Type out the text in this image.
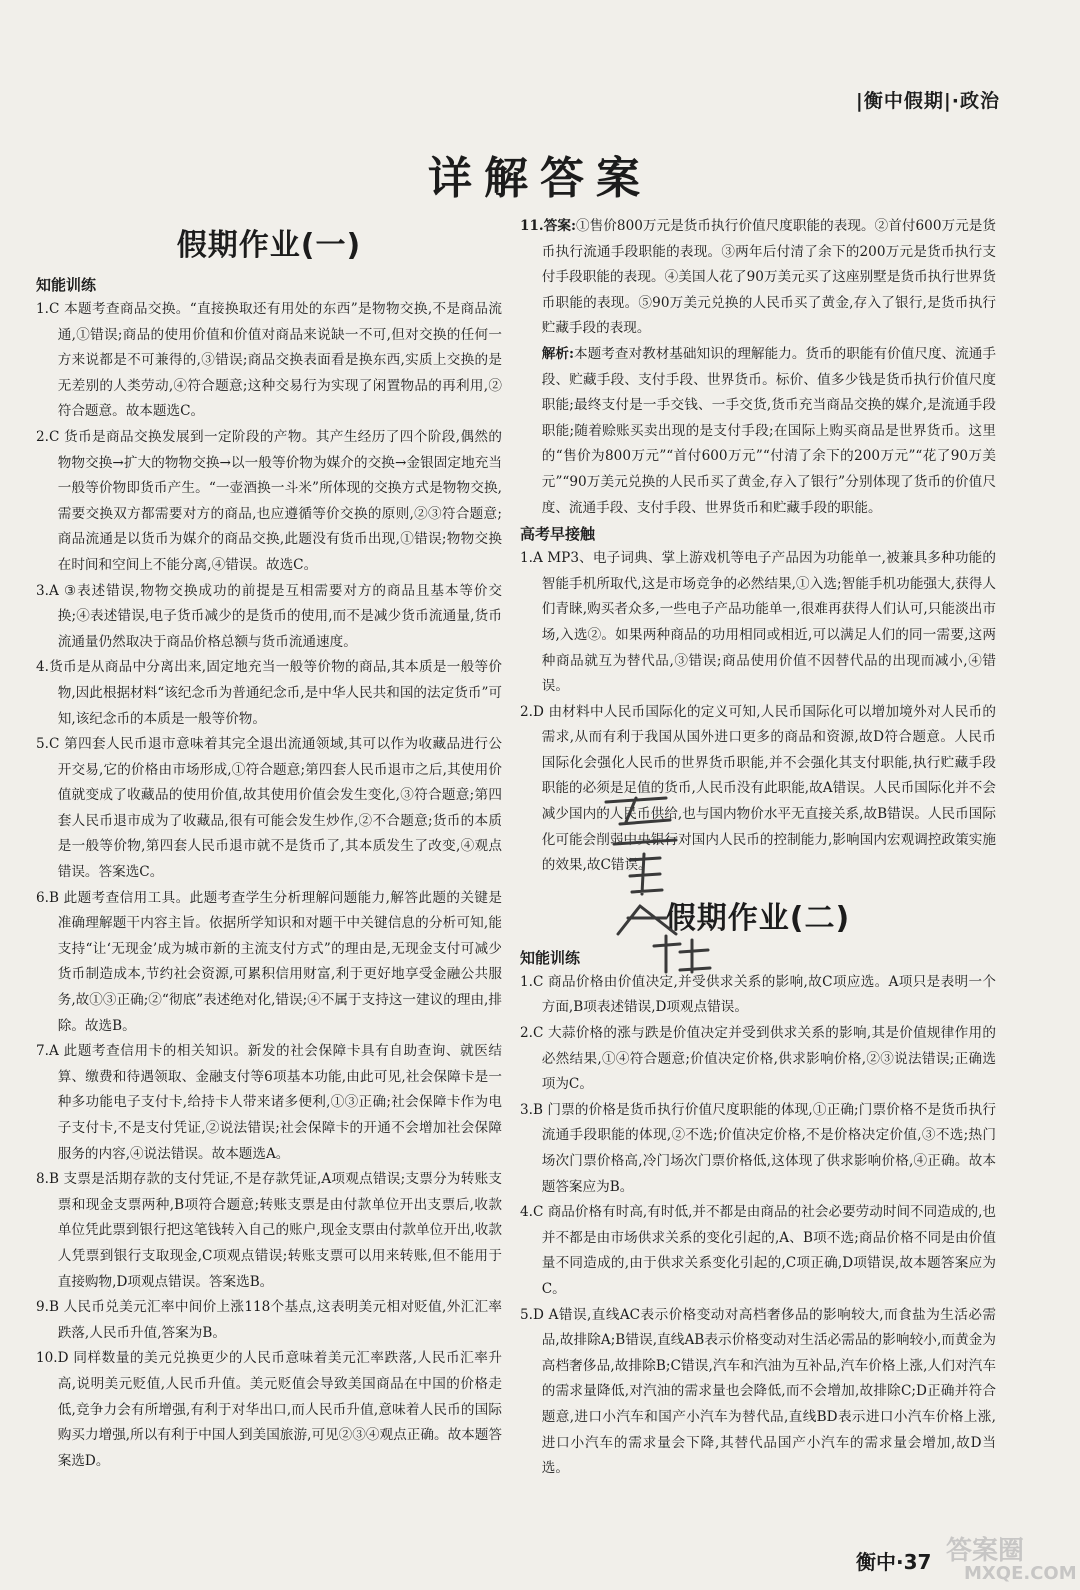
|衡中假期|·政治
详解答案
假期作业(一)
知能训练

1.C 本题考查商品交换。“直接换取还有用处的东西”是物物交换,不是商品流通,①错误;商品的使用价值和价值对商品来说缺一不可,但对交换的任何一方来说都是不可兼得的,③错误;商品交换表面看是换东西,实质上交换的是无差别的人类劳动,④符合题意;这种交易行为实现了闲置物品的再利用,②符合题意。故本题选C。

2.C 货币是商品交换发展到一定阶段的产物。其产生经历了四个阶段,偶然的物物交换→扩大的物物交换→以一般等价物为媒介的交换→金银固定地充当一般等价物即货币产生。“一壶酒换一斗米”所体现的交换方式是物物交换,需要交换双方都需要对方的商品,也应遵循等价交换的原则,②③符合题意;商品流通是以货币为媒介的商品交换,此题没有货币出现,①错误;物物交换在时间和空间上不能分离,④错误。故选C。

3.A ③表述错误,物物交换成功的前提是互相需要对方的商品且基本等价交换;④表述错误,电子货币减少的是货币的使用,而不是减少货币流通量,货币流通量仍然取决于商品价格总额与货币流通速度。

4.货币是从商品中分离出来,固定地充当一般等价物的商品,其本质是一般等价物,因此根据材料“该纪念币为普通纪念币,是中华人民共和国的法定货币”可知,该纪念币的本质是一般等价物。

5.C 第四套人民币退市意味着其完全退出流通领域,其可以作为收藏品进行公开交易,它的价格由市场形成,①符合题意;第四套人民币退市之后,其使用价值就变成了收藏品的使用价值,故其使用价值会发生变化,③符合题意;第四套人民币退市成为了收藏品,很有可能会发生炒作,②不合题意;货币的本质是一般等价物,第四套人民币退市就不是货币了,其本质发生了改变,④观点错误。答案选C。

6.B 此题考查信用工具。此题考查学生分析理解问题能力,解答此题的关键是准确理解题干内容主旨。依据所学知识和对题干中关键信息的分析可知,能支持“让‘无现金’成为城市新的主流支付方式”的理由是,无现金支付可减少货币制造成本,节约社会资源,可累积信用财富,利于更好地享受金融公共服务,故①③正确;②“彻底”表述绝对化,错误;④不属于支持这一建议的理由,排除。故选B。

7.A 此题考查信用卡的相关知识。新发的社会保障卡具有自助查询、就医结算、缴费和待遇领取、金融支付等6项基本功能,由此可见,社会保障卡是一种多功能电子支付卡,给持卡人带来诸多便利,①③正确;社会保障卡作为电子支付卡,不是支付凭证,②说法错误;社会保障卡的开通不会增加社会保障服务的内容,④说法错误。故本题选A。

8.B 支票是活期存款的支付凭证,不是存款凭证,A项观点错误;支票分为转账支票和现金支票两种,B项符合题意;转账支票是由付款单位开出支票后,收款单位凭此票到银行把这笔钱转入自己的账户,现金支票由付款单位开出,收款人凭票到银行支取现金,C项观点错误;转账支票可以用来转账,但不能用于直接购物,D项观点错误。答案选B。

9.B 人民币兑美元汇率中间价上涨118个基点,这表明美元相对贬值,外汇汇率跌落,人民币升值,答案为B。

10.D 同样数量的美元兑换更少的人民币意味着美元汇率跌落,人民币汇率升高,说明美元贬值,人民币升值。美元贬值会导致美国商品在中国的价格走低,竞争力会有所增强,有利于对华出口,而人民币升值,意味着人民币的国际购买力增强,所以有利于中国人到美国旅游,可见②③④观点正确。故本题答案选D。

11.答案:①售价800万元是货币执行价值尺度职能的表现。②首付600万元是货币执行流通手段职能的表现。③两年后付清了余下的200万元是货币执行支付手段职能的表现。④美国人花了90万美元买了这座别墅是货币执行世界货币职能的表现。⑤90万美元兑换的人民币买了黄金,存入了银行,是货币执行贮藏手段的表现。

解析:本题考查对教材基础知识的理解能力。货币的职能有价值尺度、流通手段、贮藏手段、支付手段、世界货币。标价、值多少钱是货币执行价值尺度职能;最终支付是一手交钱、一手交货,货币充当商品交换的媒介,是流通手段职能;随着赊账买卖出现的是支付手段;在国际上购买商品是世界货币。这里的“售价为800万元”“首付600万元”“付清了余下的200万元”“花了90万美元”“90万美元兑换的人民币买了黄金,存入了银行”分别体现了货币的价值尺度、流通手段、支付手段、世界货币和贮藏手段的职能。

高考早接触

1.A MP3、电子词典、掌上游戏机等电子产品因为功能单一,被兼具多种功能的智能手机所取代,这是市场竞争的必然结果,①入选;智能手机功能强大,获得人们青睐,购买者众多,一些电子产品功能单一,很难再获得人们认可,只能淡出市场,入选②。如果两种商品的功用相同或相近,可以满足人们的同一需要,这两种商品就互为替代品,③错误;商品使用价值不因替代品的出现而减小,④错误。

2.D 由材料中人民币国际化的定义可知,人民币国际化可以增加境外对人民币的需求,从而有利于我国从国外进口更多的商品和资源,故D符合题意。人民币国际化会强化人民币的世界货币职能,并不会强化其支付职能,执行贮藏手段职能的必须是足值的货币,人民币没有此职能,故A错误。人民币国际化并不会减少国内的人民币供给,也与国内物价水平无直接关系,故B错误。人民币国际化可能会削弱中央银行对国内人民币的控制能力,影响国内宏观调控政策实施的效果,故C错误。

假期作业(二)
知能训练

1.C 商品价格由价值决定,并受供求关系的影响,故C项应选。A项只是表明一个方面,B项表述错误,D项观点错误。

2.C 大蒜价格的涨与跌是价值决定并受到供求关系的影响,其是价值规律作用的必然结果,①④符合题意;价值决定价格,供求影响价格,②③说法错误;正确选项为C。

3.B 门票的价格是货币执行价值尺度职能的体现,①正确;门票价格不是货币执行流通手段职能的体现,②不选;价值决定价格,不是价格决定价值,③不选;热门场次门票价格高,冷门场次门票价格低,这体现了供求影响价格,④正确。故本题答案应为B。

4.C 商品价格有时高,有时低,并不都是由商品的社会必要劳动时间不同造成的,也并不都是由市场供求关系的变化引起的,A、B项不选;商品价格不同是由价值量不同造成的,由于供求关系变化引起的,C项正确,D项错误,故本题答案应为C。

5.D A错误,直线AC表示价格变动对高档奢侈品的影响较大,而食盐为生活必需品,故排除A;B错误,直线AB表示价格变动对生活必需品的影响较小,而黄金为高档奢侈品,故排除B;C错误,汽车和汽油为互补品,汽车价格上涨,人们对汽车的需求量降低,对汽油的需求量也会降低,而不会增加,故排除C;D正确并符合题意,进口小汽车和国产小汽车为替代品,直线BD表示进口小汽车价格上涨,进口小汽车的需求量会下降,其替代品国产小汽车的需求量会增加,故D当选。

衡中·37 答案圈
MXQE.COM
